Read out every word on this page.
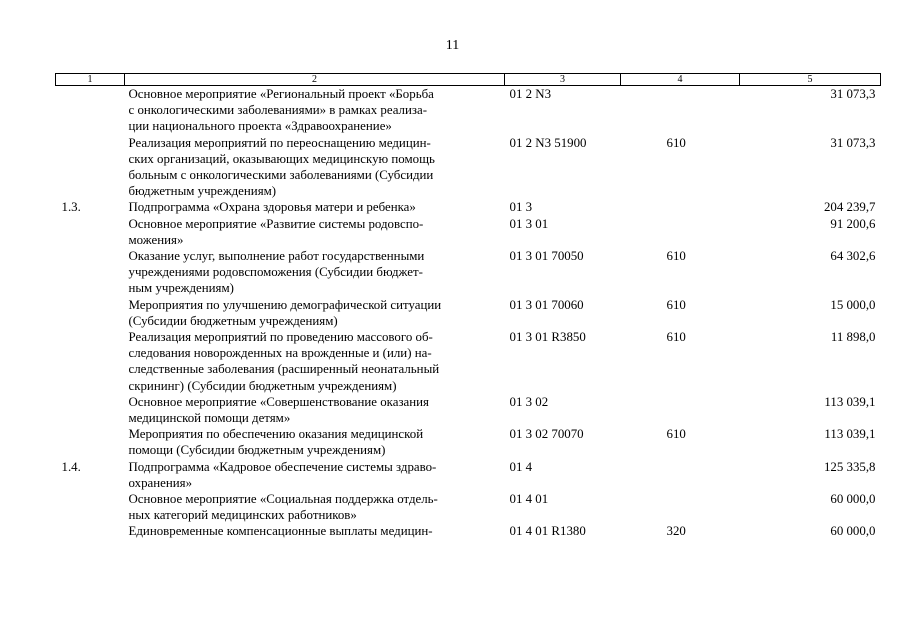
11
1	2	3	4	5

	Основное мероприятие «Региональный проект «Борьба
с онкологическими заболеваниями» в рамках реализа-
ции национального проекта «Здравоохранение»	01 2 N3		31 073,3

	Реализация мероприятий по переоснащению медицин-
ских организаций, оказывающих медицинскую помощь
больным с онкологическими заболеваниями (Субсидии
бюджетным учреждениям)	01 2 N3 51900	610	31 073,3
1.3.	Подпрограмма «Охрана здоровья матери и ребенка»	01 3		204 239,7

	Основное мероприятие «Развитие системы родовспо-
можения»	01 3 01		91 200,6

	Оказание услуг, выполнение работ государственными
учреждениями родовспоможения (Субсидии бюджет-
ным учреждениям)	01 3 01 70050	610	64 302,6

	Мероприятия по улучшению демографической ситуации
(Субсидии бюджетным учреждениям)	01 3 01 70060	610	15 000,0

	Реализация мероприятий по проведению массового об-
следования новорожденных на врожденные и (или) на-
следственные заболевания (расширенный неонатальный
скрининг) (Субсидии бюджетным учреждениям)	01 3 01 R3850	610	11 898,0

	Основное мероприятие «Совершенствование оказания
медицинской помощи детям»	01 3 02		113 039,1

	Мероприятия по обеспечению оказания медицинской
помощи (Субсидии бюджетным учреждениям)	01 3 02 70070	610	113 039,1
1.4.	Подпрограмма «Кадровое обеспечение системы здраво-
охранения»	01 4		125 335,8

	Основное мероприятие «Социальная поддержка отдель-
ных категорий медицинских работников»	01 4 01		60 000,0

	Единовременные компенсационные выплаты медицин-	01 4 01 R1380	320	60 000,0
